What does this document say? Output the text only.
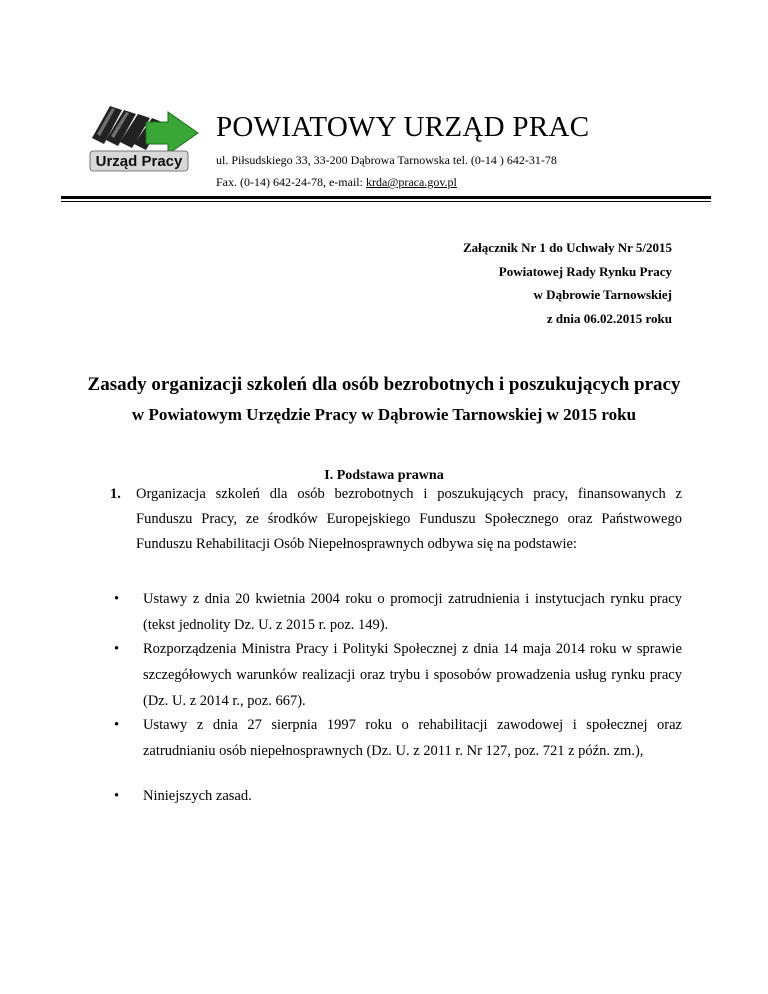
Urząd Pracy
POWIATOWY URZĄD PRAC
ul. Piłsudskiego 33, 33-200 Dąbrowa Tarnowska tel. (0-14 ) 642-31-78
Fax. (0-14) 642-24-78, e-mail: krda@praca.gov.pl
Załącznik Nr 1 do Uchwały Nr 5/2015
Powiatowej Rady Rynku Pracy
w Dąbrowie Tarnowskiej
z dnia 06.02.2015 roku
Zasady organizacji szkoleń dla osób bezrobotnych i poszukujących pracy
w Powiatowym Urzędzie Pracy w Dąbrowie Tarnowskiej w 2015 roku
I. Podstawa prawna
1. Organizacja szkoleń dla osób bezrobotnych i poszukujących pracy, finansowanych z Funduszu Pracy, ze środków Europejskiego Funduszu Społecznego oraz Państwowego Funduszu Rehabilitacji Osób Niepełnosprawnych odbywa się na podstawie:
• Ustawy z dnia 20 kwietnia 2004 roku o promocji zatrudnienia i instytucjach rynku pracy (tekst jednolity Dz. U. z 2015 r. poz. 149).
• Rozporządzenia Ministra Pracy i Polityki Społecznej z dnia 14 maja 2014 roku w sprawie szczegółowych warunków realizacji oraz trybu i sposobów prowadzenia usług rynku pracy (Dz. U. z 2014 r., poz. 667).
• Ustawy z dnia 27 sierpnia 1997 roku o rehabilitacji zawodowej i społecznej oraz zatrudnianiu osób niepełnosprawnych (Dz. U. z 2011 r. Nr 127, poz. 721 z późn. zm.),
• Niniejszych zasad.
